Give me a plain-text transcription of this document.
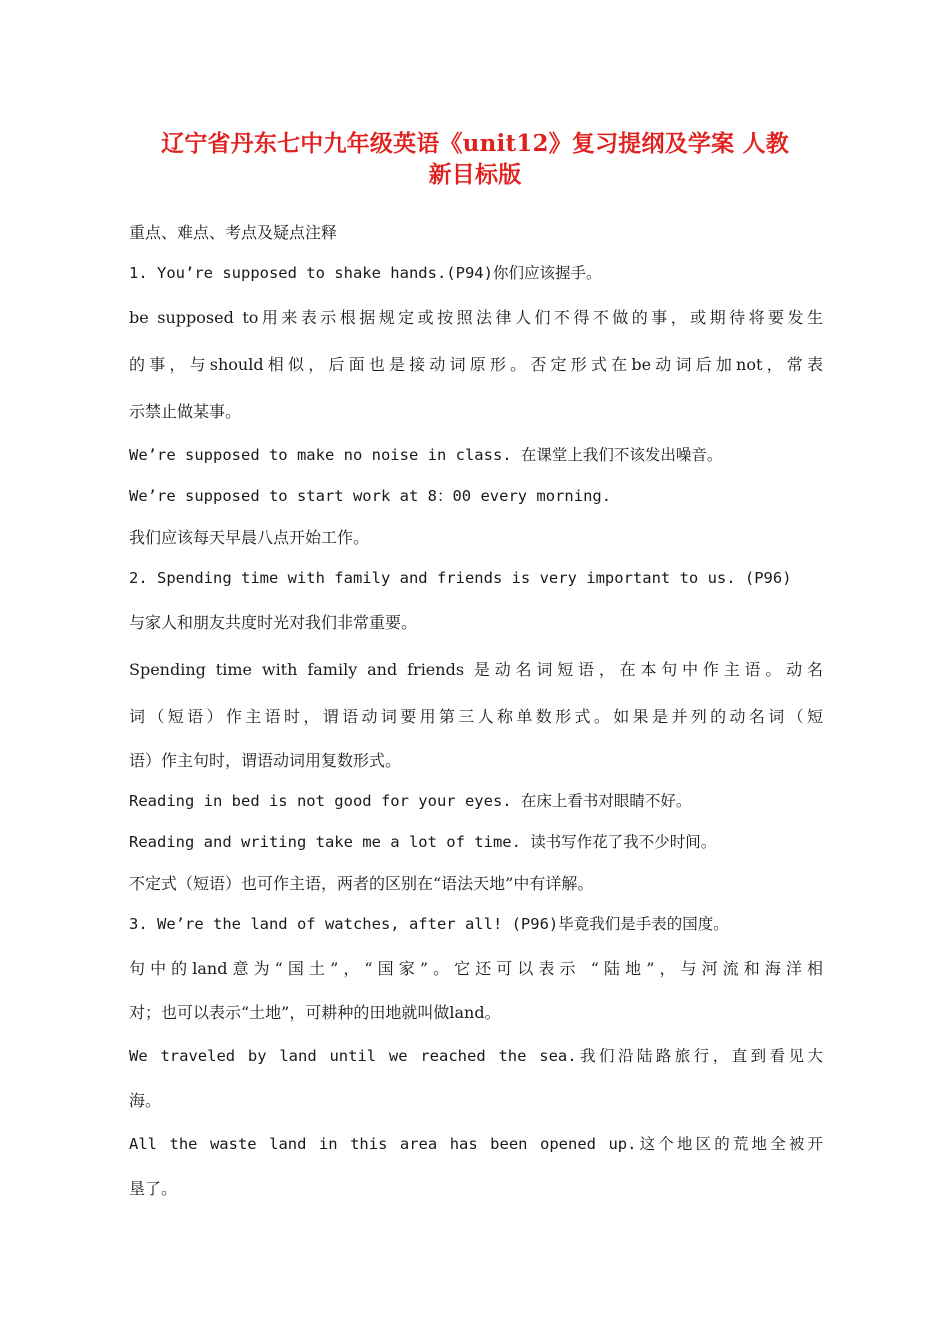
辽宁省丹东七中九年级英语《unit12》复习提纲及学案 人教
新目标版
重点、难点、考点及疑点注释
1. You’re supposed to shake hands.(P94)你们应该握手。
be supposed to用来表示根据规定或按照法律人们不得不做的事，或期待将要发生
的事，与should相似，后面也是接动词原形。否定形式在be动词后加not，常表
示禁止做某事。
We’re supposed to make no noise in class. 在课堂上我们不该发出噪音。
We’re supposed to start work at 8：00 every morning.
我们应该每天早晨八点开始工作。
2. Spending time with family and friends is very important to us. (P96)
与家人和朋友共度时光对我们非常重要。
Spending time with family and friends 是动名词短语，在本句中作主语。动名
词（短语）作主语时，谓语动词要用第三人称单数形式。如果是并列的动名词（短
语）作主句时，谓语动词用复数形式。
Reading in bed is not good for your eyes. 在床上看书对眼睛不好。
Reading and writing take me a lot of time. 读书写作花了我不少时间。
不定式（短语）也可作主语，两者的区别在“语法天地”中有详解。
3. We’re the land of watches, after all! (P96)毕竟我们是手表的国度。
句中的land意为“国土”，“国家”。它还可以表示 “陆地”，与河流和海洋相
对；也可以表示“土地”，可耕种的田地就叫做land。
We traveled by land until we reached the sea.我们沿陆路旅行，直到看见大
海。
All the waste land in this area has been opened up.这个地区的荒地全被开
垦了。
